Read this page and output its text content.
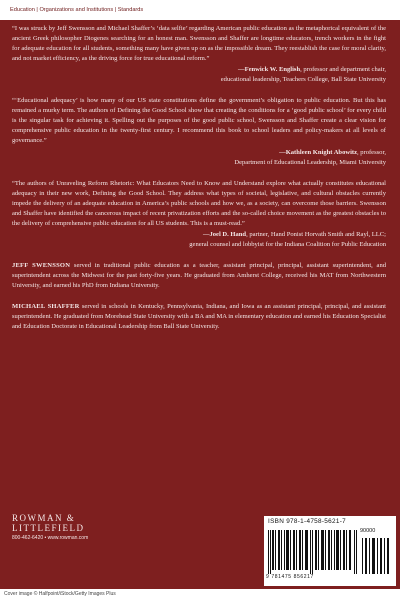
Education | Organizations and Institutions | Standards

“I was struck by Jeff Swensson and Michael Shaffer’s ‘data selfie’ regarding American public education as the metaphorical equivalent of the ancient Greek philosopher Diogenes searching for an honest man. Swensson and Shaffer are longtime educators, trench workers in the fight for adequate education for all students, something many have given up on as the impossible dream. They reestablish the case for moral clarity, and not market efficiency, as the driving force for true educational reform.”

—Fenwick W. English, professor and department chair,
educational leadership, Teachers College, Ball State University

“‘Educational adequacy’ is how many of our US state constitutions define the government’s obligation to public education. But this has remained a murky term. The authors of Defining the Good School show that creating the conditions for a ‘good public school’ for every child is the singular task for achieving it. Spelling out the purposes of the good public school, Swensson and Shaffer create a clear vision for comprehensive public education in the twenty-first century. I recommend this book to school leaders and policy-makers at all levels of governance.”

—Kathleen Knight Abowitz, professor,
Department of Educational Leadership, Miami University

“The authors of Unraveling Reform Rhetoric: What Educators Need to Know and Understand explore what actually constitutes educational adequacy in their new work, Defining the Good School. They address what types of societal, legislative, and cultural obstacles currently impede the delivery of an adequate education in America’s public schools and how we, as a society, can overcome those barriers. Swensson and Shaffer have identified the cancerous impact of recent privatization efforts and the so-called choice movement as the greatest obstacles to the delivery of comprehensive public education for all US students. This is a must-read.”

—Joel D. Hand, partner, Hand Ponist Horvath Smith and Rayl, LLC;
general counsel and lobbyist for the Indiana Coalition for Public Education

JEFF SWENSSON served in traditional public education as a teacher, assistant principal, principal, assistant superintendent, and superintendent across the Midwest for the past forty-five years. He graduated from Amherst College, received his MAT from Northwestern University, and earned his PhD from Indiana University.

MICHAEL SHAFFER served in schools in Kentucky, Pennsylvania, Indiana, and Iowa as an assistant principal, principal, and assistant superintendent. He graduated from Morehead State University with a BA and MA in elementary education and earned his Education Specialist and Education Doctorate in Educational Leadership from Ball State University.

ROWMAN &
LITTLEFIELD
800-462-6420 • www.rowman.com
ISBN 978-1-4758-5621-7
90000
9 781475 856217
Cover image © Halfpoint/iStock/Getty Images Plus
